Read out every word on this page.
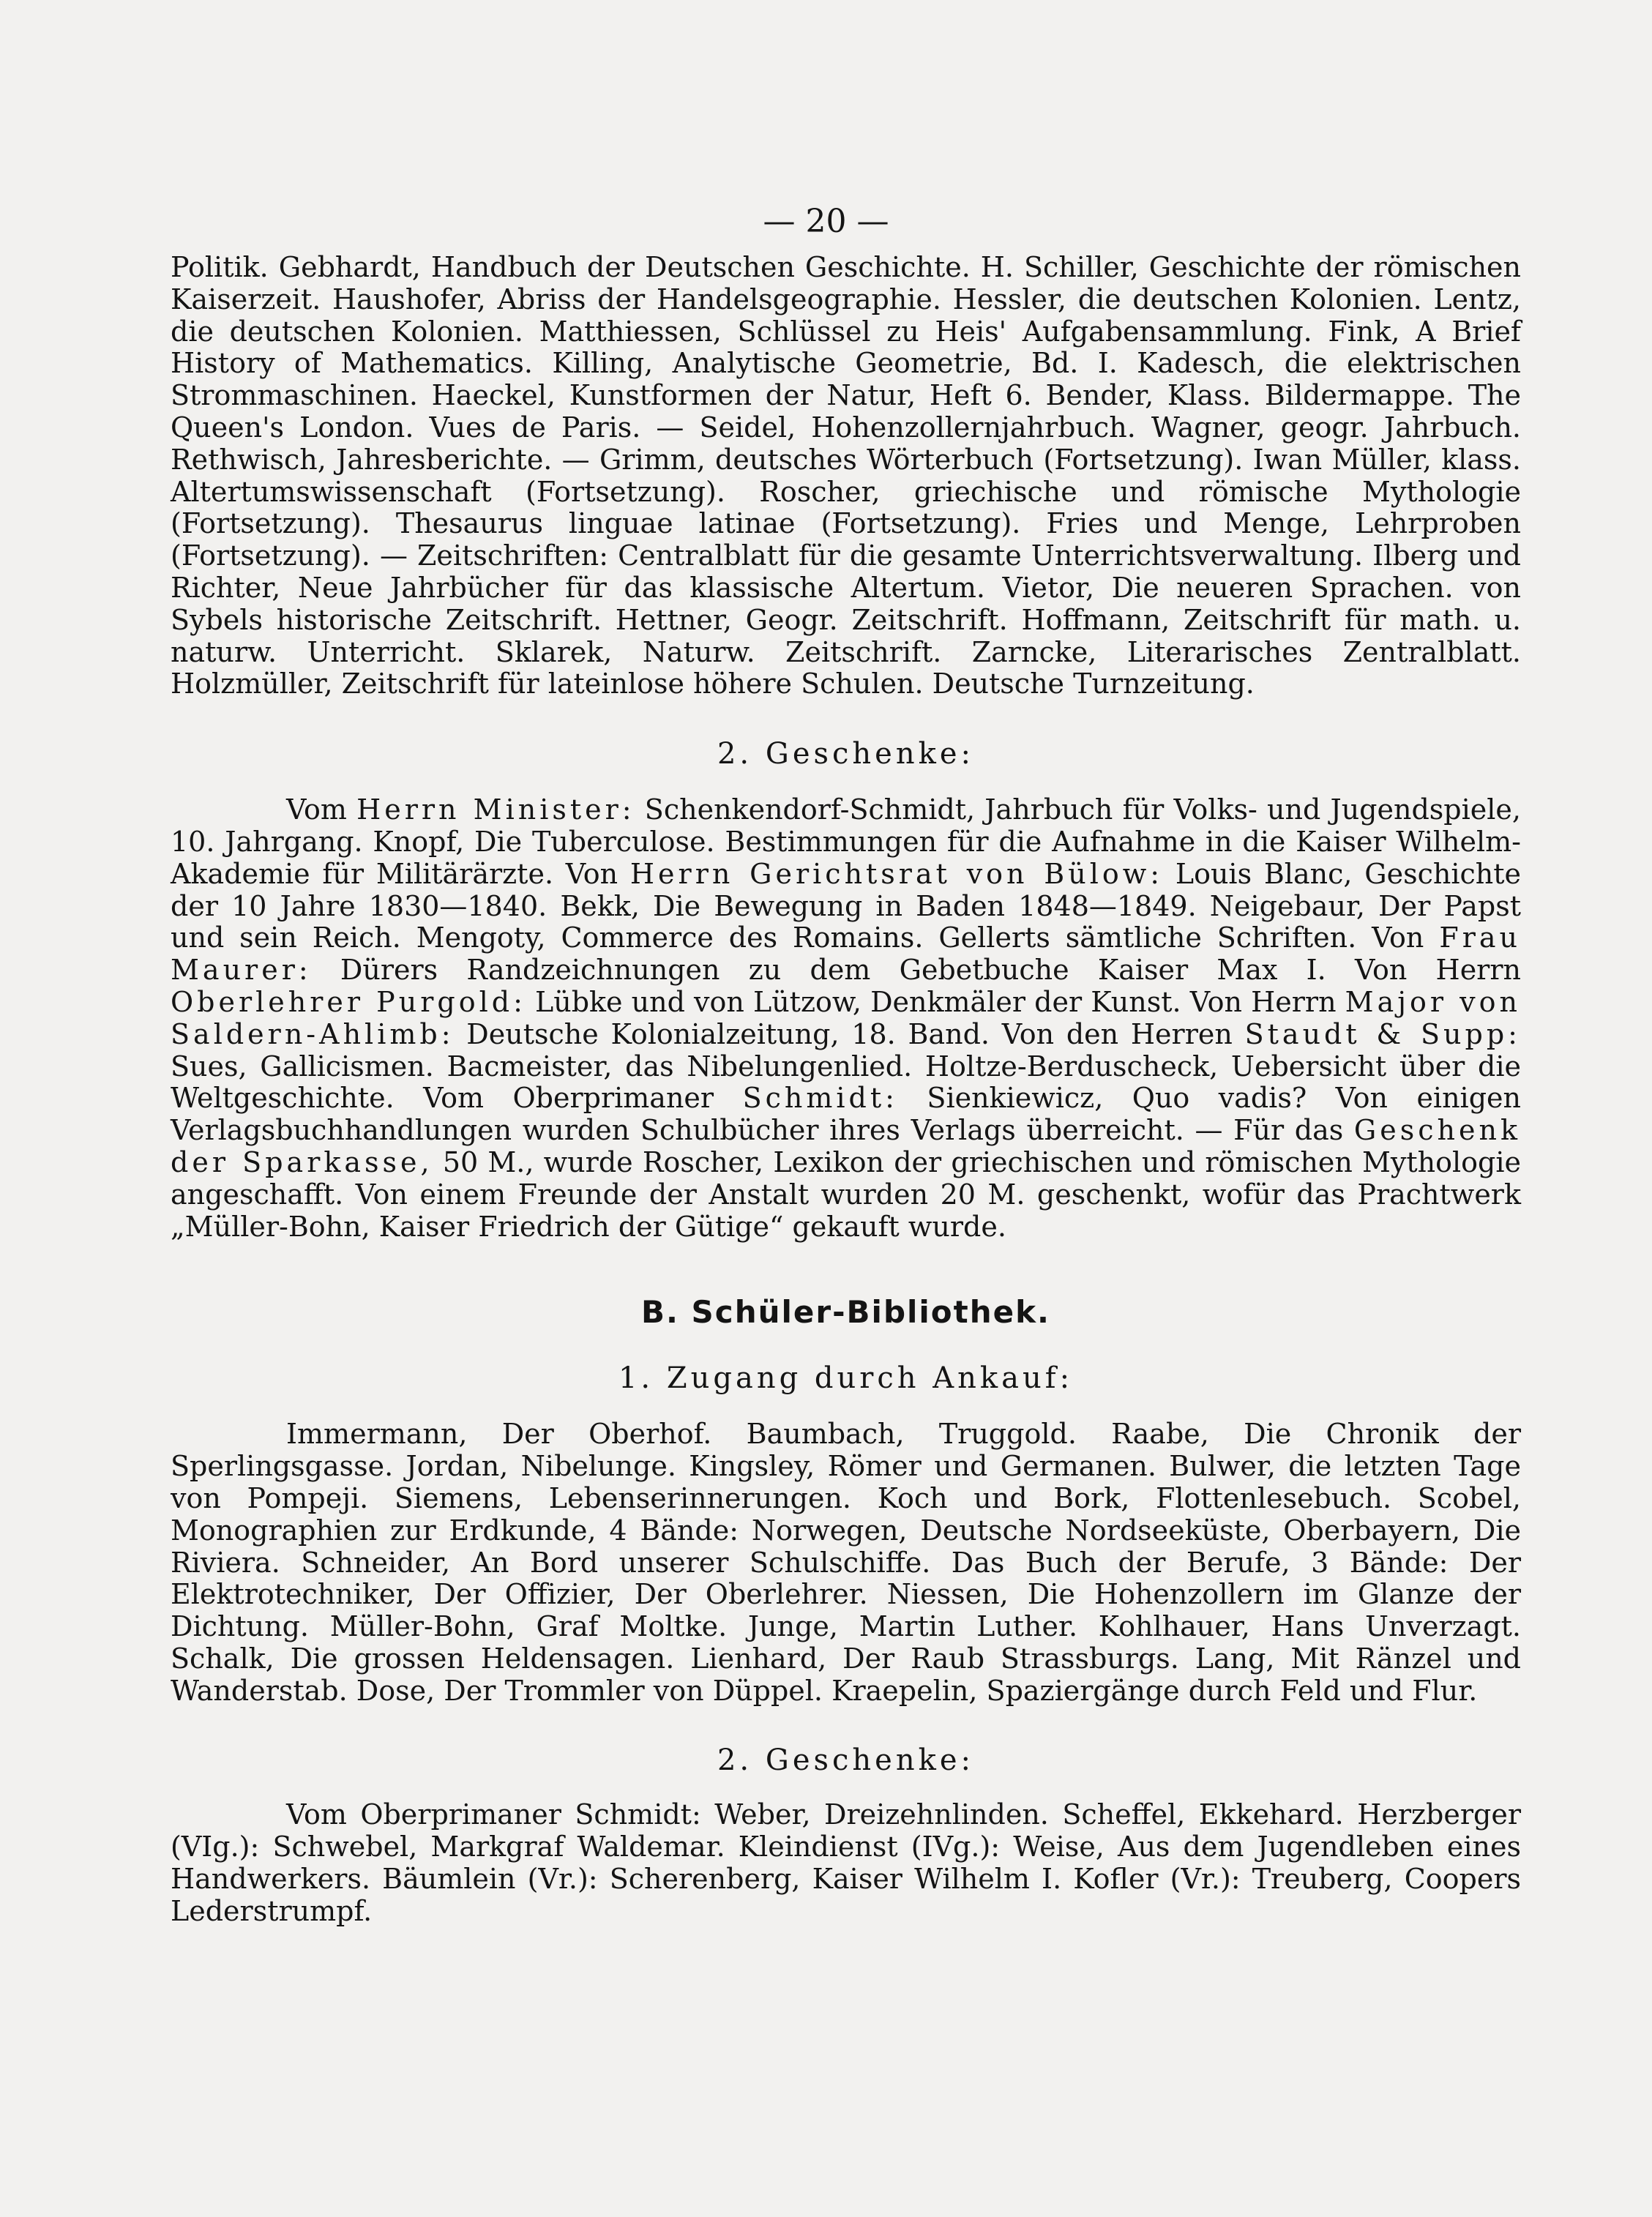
— 20 —

Politik. Gebhardt, Handbuch der Deutschen Geschichte. H. Schiller, Geschichte der römischen Kaiserzeit. Haushofer, Abriss der Handelsgeographie. Hessler, die deutschen Kolonien. Lentz, die deutschen Kolonien. Matthiessen, Schlüssel zu Heis' Aufgabensammlung. Fink, A Brief History of Mathematics. Killing, Analytische Geometrie, Bd. I. Kadesch, die elektrischen Strommaschinen. Haeckel, Kunstformen der Natur, Heft 6. Bender, Klass. Bildermappe. The Queen's London. Vues de Paris. — Seidel, Hohenzollernjahrbuch. Wagner, geogr. Jahrbuch. Rethwisch, Jahresberichte. — Grimm, deutsches Wörterbuch (Fortsetzung). Iwan Müller, klass. Altertumswissenschaft (Fortsetzung). Roscher, griechische und römische Mythologie (Fortsetzung). Thesaurus linguae latinae (Fortsetzung). Fries und Menge, Lehrproben (Fortsetzung). — Zeitschriften: Centralblatt für die gesamte Unterrichtsverwaltung. Ilberg und Richter, Neue Jahrbücher für das klassische Altertum. Vietor, Die neueren Sprachen. von Sybels historische Zeitschrift. Hettner, Geogr. Zeitschrift. Hoffmann, Zeitschrift für math. u. naturw. Unterricht. Sklarek, Naturw. Zeitschrift. Zarncke, Literarisches Zentralblatt. Holzmüller, Zeitschrift für lateinlose höhere Schulen. Deutsche Turnzeitung.

2. Geschenke:

Vom Herrn Minister: Schenkendorf-Schmidt, Jahrbuch für Volks- und Jugendspiele, 10. Jahrgang. Knopf, Die Tuberculose. Bestimmungen für die Aufnahme in die Kaiser Wilhelm-Akademie für Militärärzte. Von Herrn Gerichtsrat von Bülow: Louis Blanc, Geschichte der 10 Jahre 1830—1840. Bekk, Die Bewegung in Baden 1848—1849. Neigebaur, Der Papst und sein Reich. Mengoty, Commerce des Romains. Gellerts sämtliche Schriften. Von Frau Maurer: Dürers Randzeichnungen zu dem Gebetbuche Kaiser Max I. Von Herrn Oberlehrer Purgold: Lübke und von Lützow, Denkmäler der Kunst. Von Herrn Major von Saldern-Ahlimb: Deutsche Kolonialzeitung, 18. Band. Von den Herren Staudt & Supp: Sues, Gallicismen. Bacmeister, das Nibelungenlied. Holtze-Berduscheck, Uebersicht über die Weltgeschichte. Vom Oberprimaner Schmidt: Sienkiewicz, Quo vadis? Von einigen Verlagsbuchhandlungen wurden Schulbücher ihres Verlags überreicht. — Für das Geschenk der Sparkasse, 50 M., wurde Roscher, Lexikon der griechischen und römischen Mythologie angeschafft. Von einem Freunde der Anstalt wurden 20 M. geschenkt, wofür das Prachtwerk „Müller-Bohn, Kaiser Friedrich der Gütige“ gekauft wurde.

B. Schüler-Bibliothek.

1. Zugang durch Ankauf:

Immermann, Der Oberhof. Baumbach, Truggold. Raabe, Die Chronik der Sperlingsgasse. Jordan, Nibelunge. Kingsley, Römer und Germanen. Bulwer, die letzten Tage von Pompeji. Siemens, Lebenserinnerungen. Koch und Bork, Flottenlesebuch. Scobel, Monographien zur Erdkunde, 4 Bände: Norwegen, Deutsche Nordseeküste, Oberbayern, Die Riviera. Schneider, An Bord unserer Schulschiffe. Das Buch der Berufe, 3 Bände: Der Elektrotechniker, Der Offizier, Der Oberlehrer. Niessen, Die Hohenzollern im Glanze der Dichtung. Müller-Bohn, Graf Moltke. Junge, Martin Luther. Kohlhauer, Hans Unverzagt. Schalk, Die grossen Heldensagen. Lienhard, Der Raub Strassburgs. Lang, Mit Ränzel und Wanderstab. Dose, Der Trommler von Düppel. Kraepelin, Spaziergänge durch Feld und Flur.

2. Geschenke:

Vom Oberprimaner Schmidt: Weber, Dreizehnlinden. Scheffel, Ekkehard. Herzberger (VIg.): Schwebel, Markgraf Waldemar. Kleindienst (IVg.): Weise, Aus dem Jugendleben eines Handwerkers. Bäumlein (Vr.): Scherenberg, Kaiser Wilhelm I. Kofler (Vr.): Treuberg, Coopers Lederstrumpf.
